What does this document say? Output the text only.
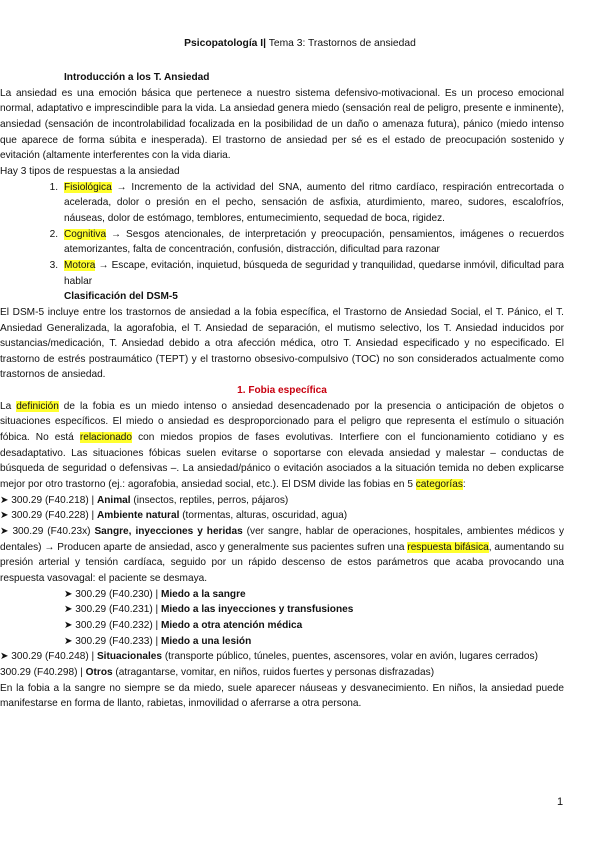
Psicopatología I| Tema 3: Trastornos de ansiedad

Introducción a los T. Ansiedad

La ansiedad es una emoción básica que pertenece a nuestro sistema defensivo-motivacional. Es un proceso emocional normal, adaptativo e imprescindible para la vida. La ansiedad genera miedo (sensación real de peligro, presente e inminente), ansiedad (sensación de incontrolabilidad focalizada en la posibilidad de un daño o amenaza futura), pánico (miedo intenso que aparece de forma súbita e inesperada). El trastorno de ansiedad per sé es el estado de preocupación sostenido y evitación (altamente interferentes con la vida diaria.

Hay 3 tipos de respuestas a la ansiedad

1. Fisiológica → Incremento de la actividad del SNA, aumento del ritmo cardíaco, respiración entrecortada o acelerada, dolor o presión en el pecho, sensación de asfixia, aturdimiento, mareo, sudores, escalofríos, náuseas, dolor de estómago, temblores, entumecimiento, sequedad de boca, rigidez.
2. Cognitiva → Sesgos atencionales, de interpretación y preocupación, pensamientos, imágenes o recuerdos atemorizantes, falta de concentración, confusión, distracción, dificultad para razonar
3. Motora → Escape, evitación, inquietud, búsqueda de seguridad y tranquilidad, quedarse inmóvil, dificultad para hablar

Clasificación del DSM-5

El DSM-5 incluye entre los trastornos de ansiedad a la fobia específica, el Trastorno de Ansiedad Social, el T. Pánico, el T. Ansiedad Generalizada, la agorafobia, el T. Ansiedad de separación, el mutismo selectivo, los T. Ansiedad inducidos por sustancias/medicación, T. Ansiedad debido a otra afección médica, otro T. Ansiedad especificado y no especificado. El trastorno de estrés postraumático (TEPT) y el trastorno obsesivo-compulsivo (TOC) no son considerados actualmente como trastornos de ansiedad.

1. Fobia específica

La definición de la fobia es un miedo intenso o ansiedad desencadenado por la presencia o anticipación de objetos o situaciones específicos. El miedo o ansiedad es desproporcionado para el peligro que representa el estímulo o situación fóbica. No está relacionado con miedos propios de fases evolutivas. Interfiere con el funcionamiento cotidiano y es desadaptativo. Las situaciones fóbicas suelen evitarse o soportarse con elevada ansiedad y malestar – conductas de búsqueda de seguridad o defensivas –. La ansiedad/pánico o evitación asociados a la situación temida no deben explicarse mejor por otro trastorno (ej.: agorafobia, ansiedad social, etc.). El DSM divide las fobias en 5 categorías:

➤ 300.29 (F40.218) | Animal (insectos, reptiles, perros, pájaros)

➤ 300.29 (F40.228) | Ambiente natural (tormentas, alturas, oscuridad, agua)

➤ 300.29 (F40.23x) Sangre, inyecciones y heridas (ver sangre, hablar de operaciones, hospitales, ambientes médicos y dentales) → Producen aparte de ansiedad, asco y generalmente sus pacientes sufren una respuesta bifásica, aumentando su presión arterial y tensión cardíaca, seguido por un rápido descenso de estos parámetros que acaba provocando una respuesta vasovagal: el paciente se desmaya.

➤ 300.29 (F40.230) | Miedo a la sangre

➤ 300.29 (F40.231) | Miedo a las inyecciones y transfusiones

➤ 300.29 (F40.232) | Miedo a otra atención médica

➤ 300.29 (F40.233) | Miedo a una lesión

➤ 300.29 (F40.248) | Situacionales (transporte público, túneles, puentes, ascensores, volar en avión, lugares cerrados)

300.29 (F40.298) | Otros (atragantarse, vomitar, en niños, ruidos fuertes y personas disfrazadas)

En la fobia a la sangre no siempre se da miedo, suele aparecer náuseas y desvanecimiento. En niños, la ansiedad puede manifestarse en forma de llanto, rabietas, inmovilidad o aferrarse a otra persona.

1
